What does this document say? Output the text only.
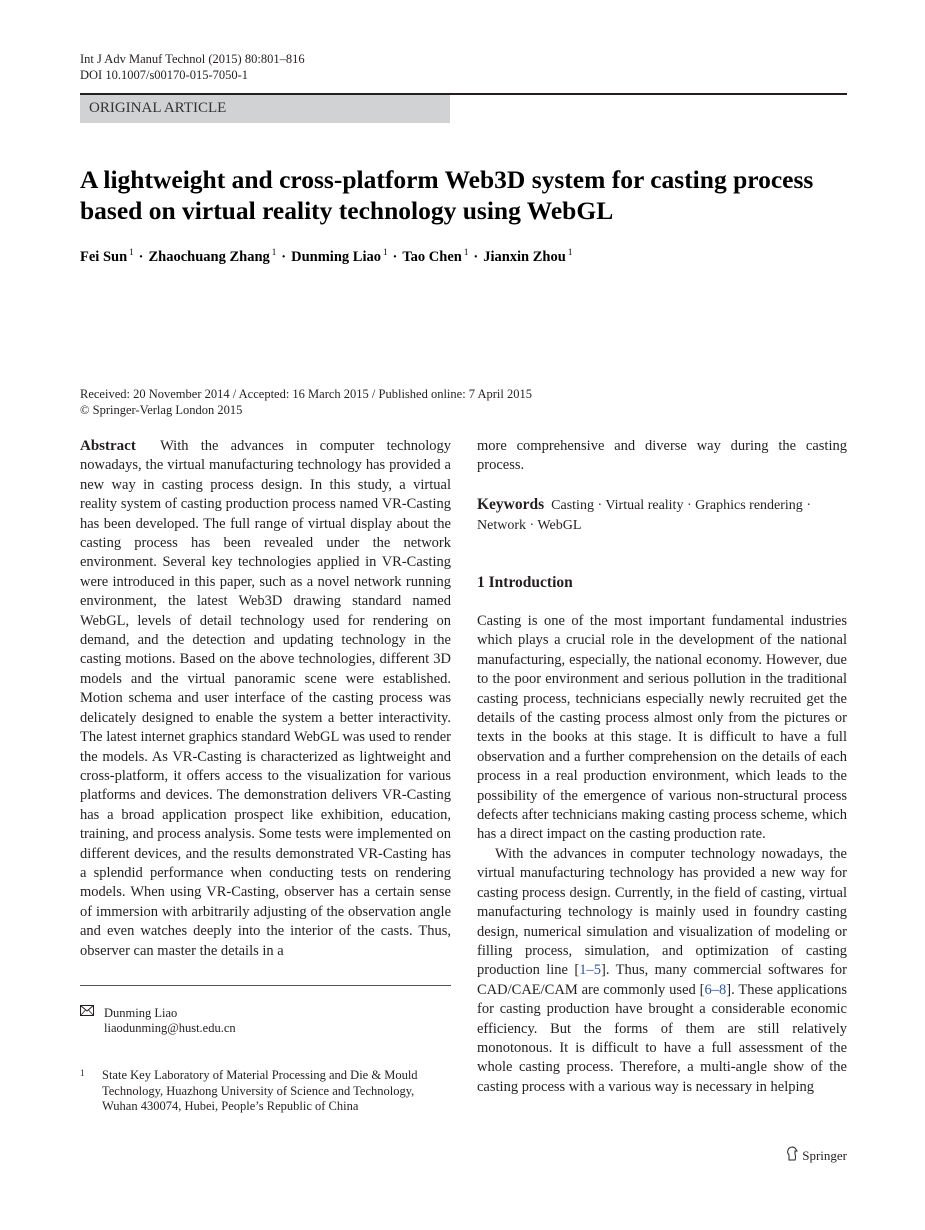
Int J Adv Manuf Technol (2015) 80:801–816
DOI 10.1007/s00170-015-7050-1
ORIGINAL ARTICLE
A lightweight and cross-platform Web3D system for casting process based on virtual reality technology using WebGL
Fei Sun $^1$ · Zhaochuang Zhang $^1$ · Dunming Liao $^1$ · Tao Chen $^1$ · Jianxin Zhou $^1$
Received: 20 November 2014 / Accepted: 16 March 2015 / Published online: 7 April 2015
© Springer-Verlag London 2015

Abstract With the advances in computer technology nowadays, the virtual manufacturing technology has provided a new way in casting process design. In this study, a virtual reality system of casting production process named VR-Casting has been developed. The full range of virtual display about the casting process has been revealed under the network environment. Several key technologies applied in VR-Casting were introduced in this paper, such as a novel network running environment, the latest Web3D drawing standard named WebGL, levels of detail technology used for rendering on demand, and the detection and updating technology in the casting motions. Based on the above technologies, different 3D models and the virtual panoramic scene were established. Motion schema and user interface of the casting process was delicately designed to enable the system a better interactivity. The latest internet graphics standard WebGL was used to render the models. As VR-Casting is characterized as lightweight and cross-platform, it offers access to the visualization for various platforms and devices. The demonstration delivers VR-Casting has a broad application prospect like exhibition, education, training, and process analysis. Some tests were implemented on different devices, and the results demonstrated VR-Casting has a splendid performance when conducting tests on rendering models. When using VR-Casting, observer has a certain sense of immersion with arbitrarily adjusting of the observation angle and even watches deeply into the interior of the casts. Thus, observer can master the details in a

more comprehensive and diverse way during the casting process.
Keywords Casting · Virtual reality · Graphics rendering ·
Network · WebGL
1 Introduction

Casting is one of the most important fundamental industries which plays a crucial role in the development of the national manufacturing, especially, the national economy. However, due to the poor environment and serious pollution in the traditional casting process, technicians especially newly recruited get the details of the casting process almost only from the pictures or texts in the books at this stage. It is difficult to have a full observation and a further comprehension on the details of each process in a real production environment, which leads to the possibility of the emergence of various non-structural process defects after technicians making casting process scheme, which has a direct impact on the casting production rate.

With the advances in computer technology nowadays, the virtual manufacturing technology has provided a new way for casting process design. Currently, in the field of casting, virtual manufacturing technology is mainly used in foundry casting design, numerical simulation and visualization of modeling or filling process, simulation, and optimization of casting production line [1–5]. Thus, many commercial softwares for CAD/CAE/CAM are commonly used [6–8]. These applications for casting production have brought a considerable economic efficiency. But the forms of them are still relatively monotonous. It is difficult to have a full assessment of the whole casting process. Therefore, a multi-angle show of the casting process with a various way is necessary in helping

Dunming Liao
liaodunming@hust.edu.cn
1 State Key Laboratory of Material Processing and Die & Mould Technology, Huazhong University of Science and Technology, Wuhan 430074, Hubei, People’s Republic of China
Springer
